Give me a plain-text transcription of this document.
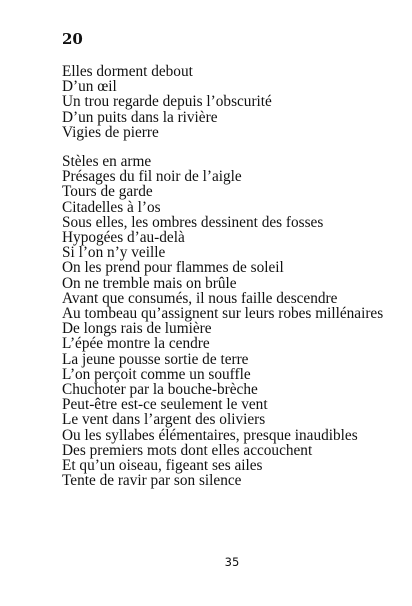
20
Elles dorment debout
D’un œil
Un trou regarde depuis l’obscurité
D’un puits dans la rivière
Vigies de pierre
Stèles en arme
Présages du fil noir de l’aigle
Tours de garde
Citadelles à l’os
Sous elles, les ombres dessinent des fosses
Hypogées d’au-delà
Si l’on n’y veille
On les prend pour flammes de soleil
On ne tremble mais on brûle
Avant que consumés, il nous faille descendre
Au tombeau qu’assignent sur leurs robes millénaires
De longs rais de lumière
L’épée montre la cendre
La jeune pousse sortie de terre
L’on perçoit comme un souffle
Chuchoter par la bouche-brèche
Peut-être est-ce seulement le vent
Le vent dans l’argent des oliviers
Ou les syllabes élémentaires, presque inaudibles
Des premiers mots dont elles accouchent
Et qu’un oiseau, figeant ses ailes
Tente de ravir par son silence
35
